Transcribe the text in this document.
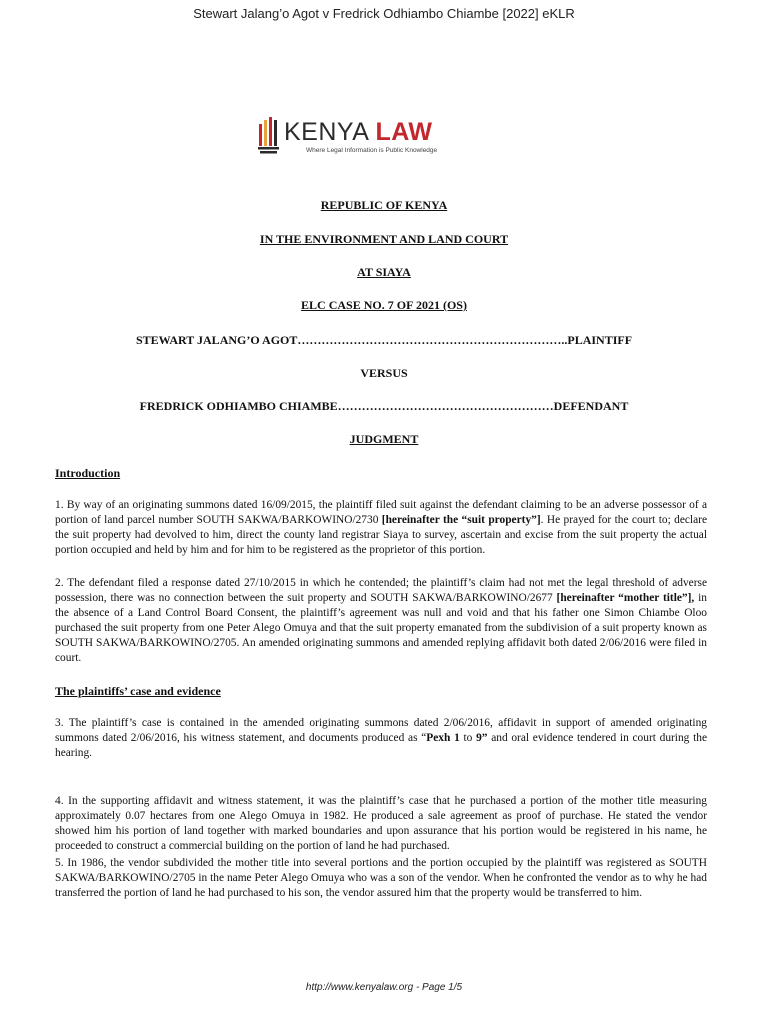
Stewart Jalang’o Agot v Fredrick Odhiambo Chiambe [2022] eKLR
KENYA LAW
Where Legal Information is Public Knowledge
REPUBLIC OF KENYA
IN THE ENVIRONMENT AND LAND COURT
AT SIAYA
ELC CASE NO. 7 OF 2021 (OS)
STEWART JALANG’O AGOT…………………………………………………………..PLAINTIFF
VERSUS
FREDRICK ODHIAMBO CHIAMBE………………………………………………DEFENDANT
JUDGMENT
Introduction
1. By way of an originating summons dated 16/09/2015, the plaintiff filed suit against the defendant claiming to be an adverse possessor of a portion of land parcel number SOUTH SAKWA/BARKOWINO/2730 [hereinafter the “suit property”]. He prayed for the court to; declare the suit property had devolved to him, direct the county land registrar Siaya to survey, ascertain and excise from the suit property the actual portion occupied and held by him and for him to be registered as the proprietor of this portion.
2. The defendant filed a response dated 27/10/2015 in which he contended; the plaintiff’s claim had not met the legal threshold of adverse possession, there was no connection between the suit property and SOUTH SAKWA/BARKOWINO/2677 [hereinafter “mother title”], in the absence of a Land Control Board Consent, the plaintiff’s agreement was null and void and that his father one Simon Chiambe Oloo purchased the suit property from one Peter Alego Omuya and that the suit property emanated from the subdivision of a suit property known as SOUTH SAKWA/BARKOWINO/2705. An amended originating summons and amended replying affidavit both dated 2/06/2016 were filed in court.
The plaintiffs’ case and evidence
3. The plaintiff’s case is contained in the amended originating summons dated 2/06/2016, affidavit in support of amended originating summons dated 2/06/2016, his witness statement, and documents produced as “Pexh 1 to 9” and oral evidence tendered in court during the hearing.
4. In the supporting affidavit and witness statement, it was the plaintiff’s case that he purchased a portion of the mother title measuring approximately 0.07 hectares from one Alego Omuya in 1982. He produced a sale agreement as proof of purchase. He stated the vendor showed him his portion of land together with marked boundaries and upon assurance that his portion would be registered in his name, he proceeded to construct a commercial building on the portion of land he had purchased.
5. In 1986, the vendor subdivided the mother title into several portions and the portion occupied by the plaintiff was registered as SOUTH SAKWA/BARKOWINO/2705 in the name Peter Alego Omuya who was a son of the vendor. When he confronted the vendor as to why he had transferred the portion of land he had purchased to his son, the vendor assured him that the property would be transferred to him.
http://www.kenyalaw.org - Page 1/5
